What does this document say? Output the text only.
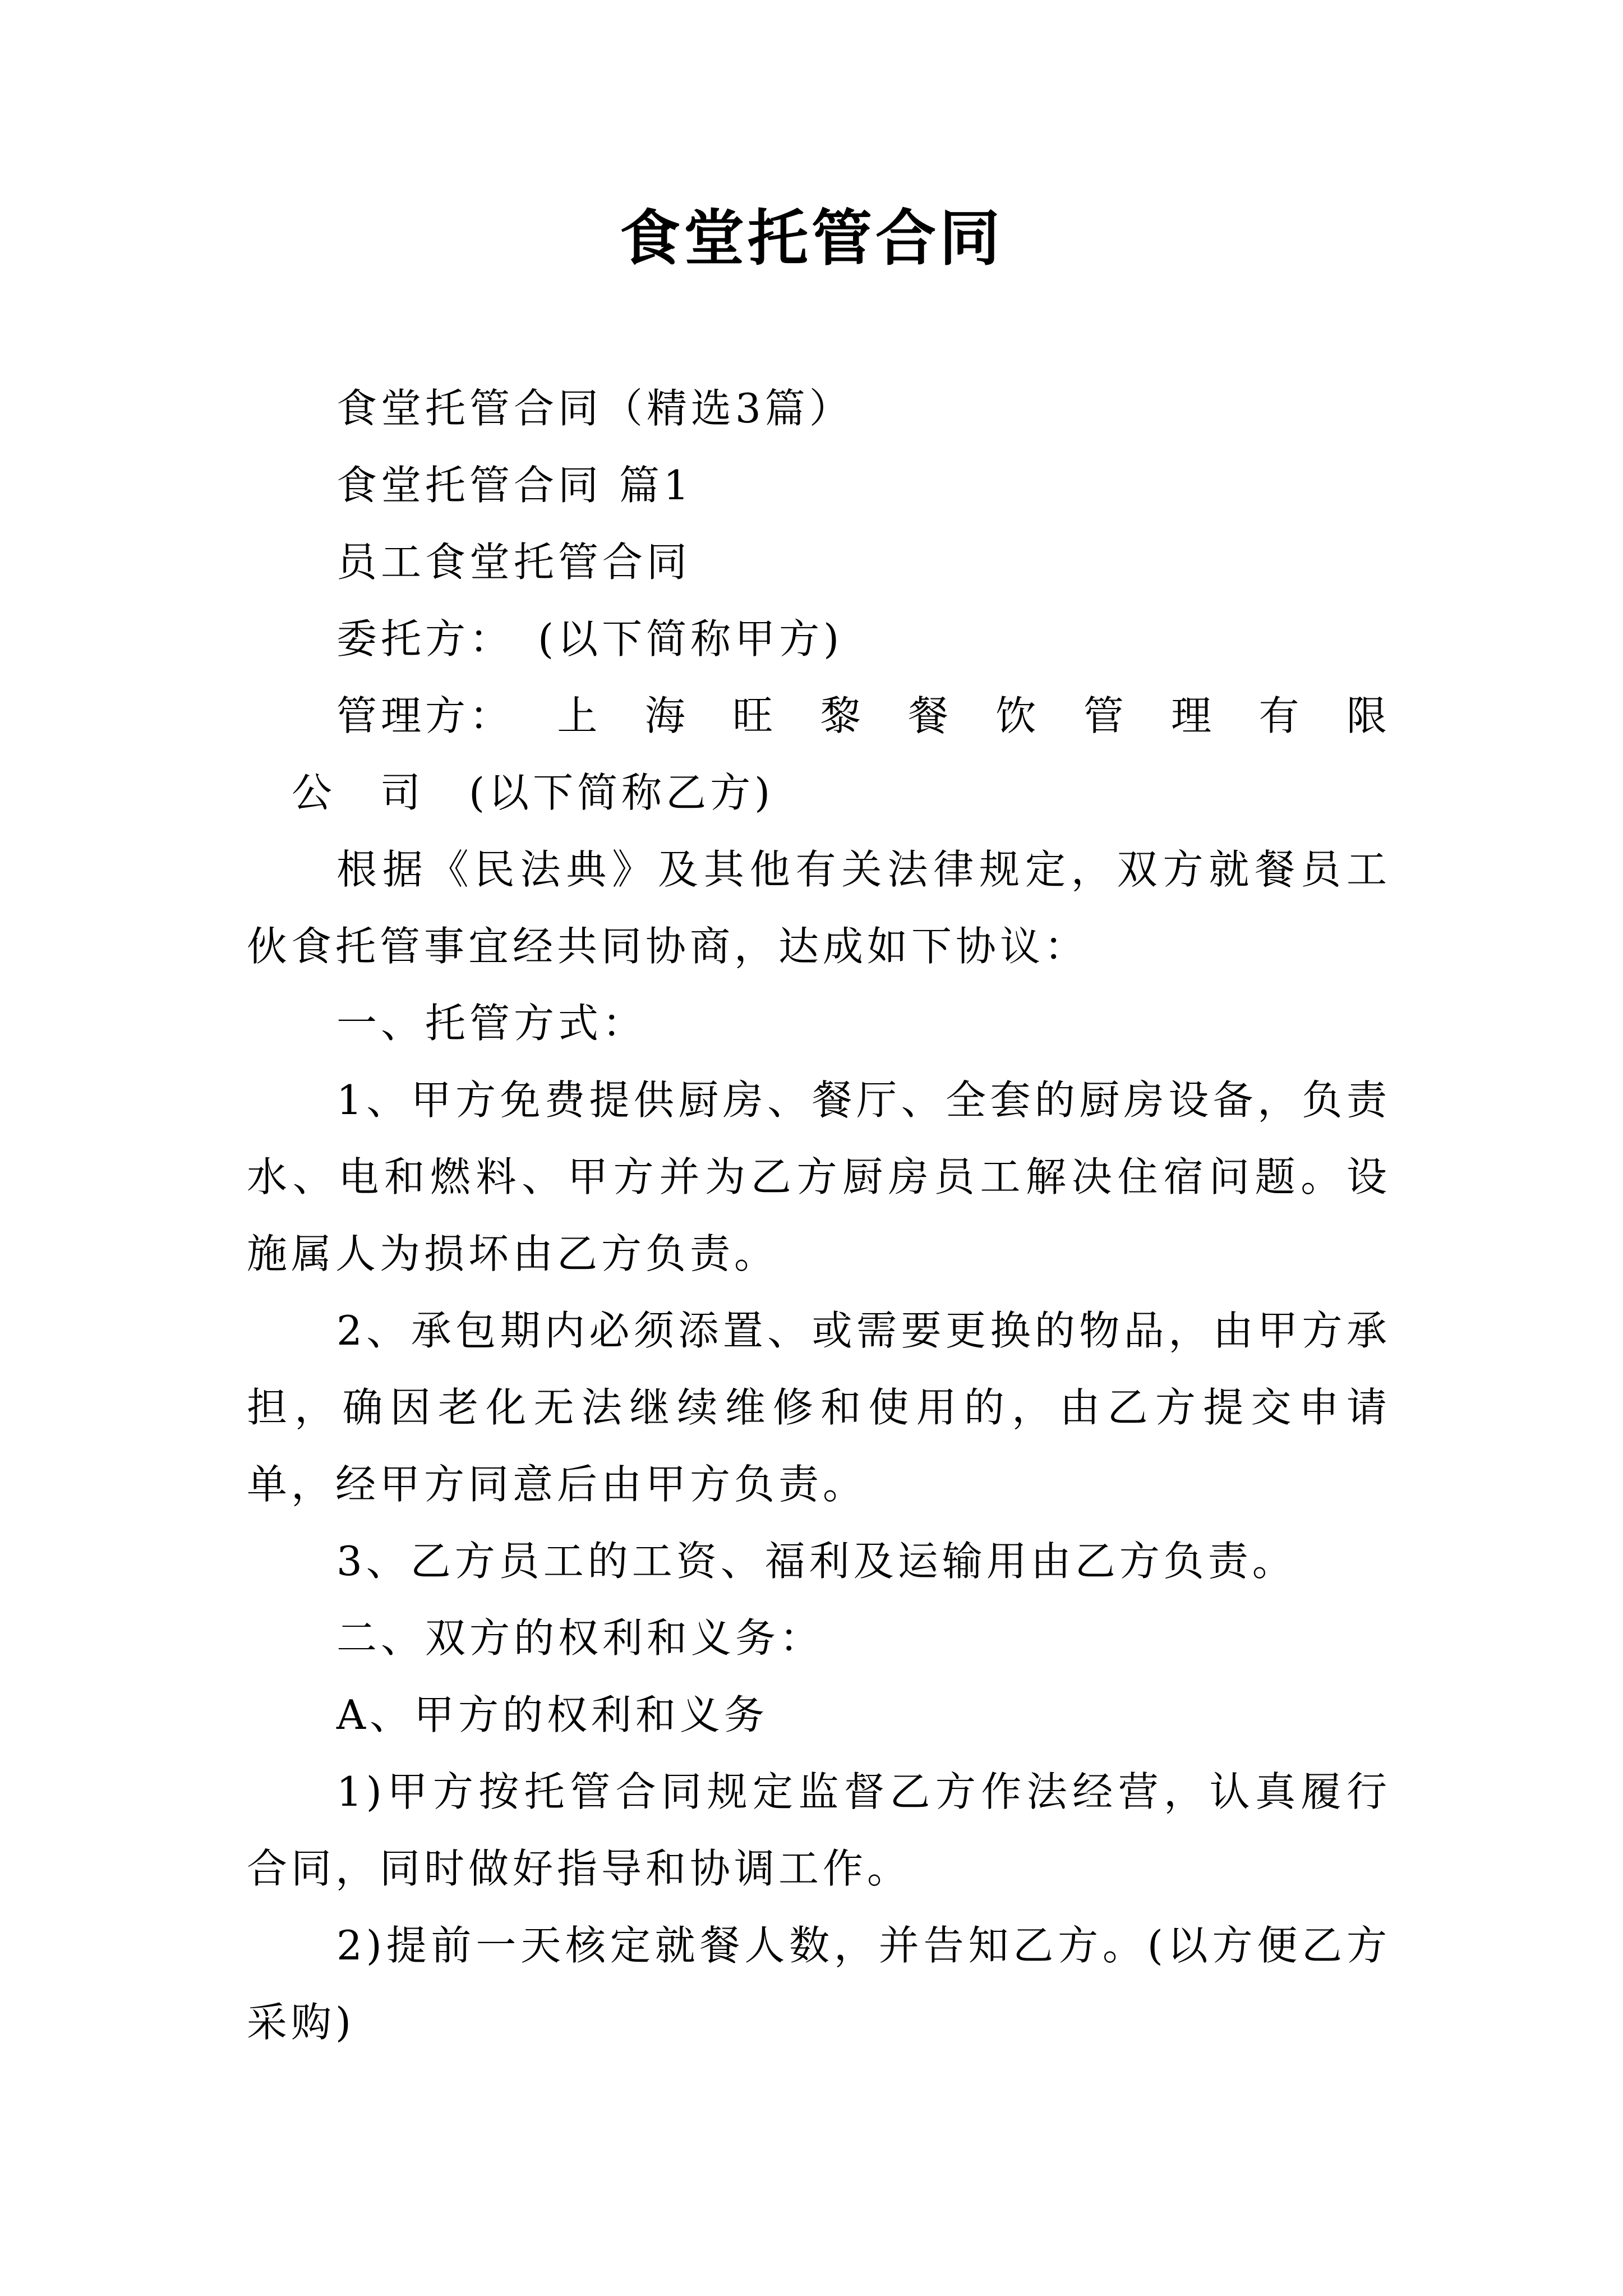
食堂托管合同

食堂托管合同（精选3篇）

食堂托管合同 篇1

员工食堂托管合同

委托方：　(以下简称甲方)

管理方： 上 海 旺 黎 餐 饮 管 理 有 限

公　司　(以下简称乙方)

根据《民法典》及其他有关法律规定，双方就餐员工伙食托管事宜经共同协商，达成如下协议：

一、托管方式：

1、甲方免费提供厨房、餐厅、全套的厨房设备，负责水、电和燃料、甲方并为乙方厨房员工解决住宿问题。设施属人为损坏由乙方负责。

2、承包期内必须添置、或需要更换的物品，由甲方承担，确因老化无法继续维修和使用的，由乙方提交申请单，经甲方同意后由甲方负责。

3、乙方员工的工资、福利及运输用由乙方负责。

二、双方的权利和义务：

A、甲方的权利和义务

1)甲方按托管合同规定监督乙方作法经营，认真履行合同，同时做好指导和协调工作。

2)提前一天核定就餐人数，并告知乙方。(以方便乙方采购)
